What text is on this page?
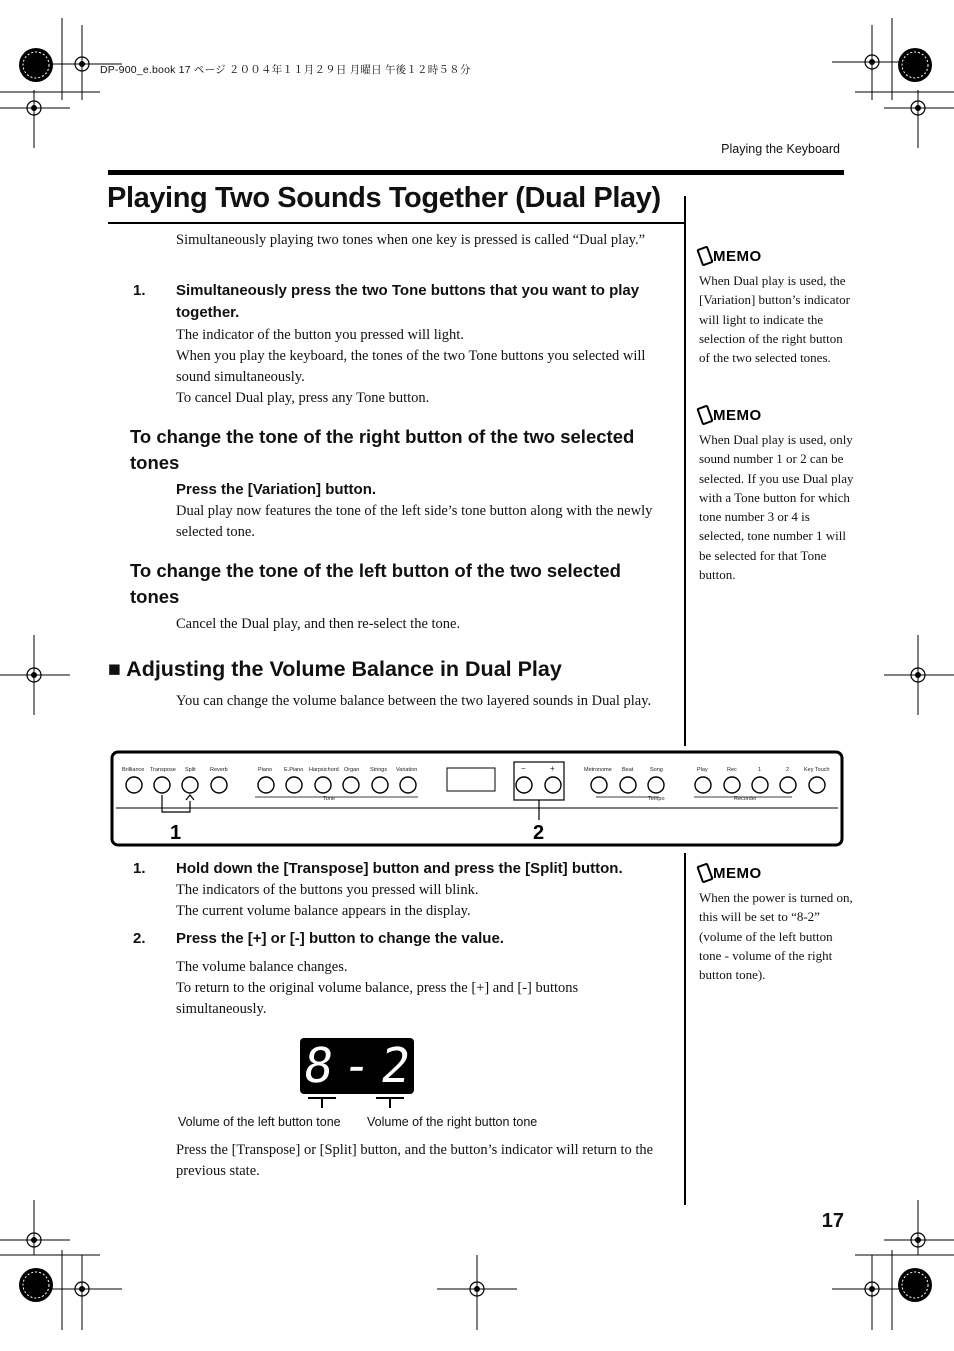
DP-900_e.book 17 ページ ２００４年１１月２９日 月曜日 午後１２時５８分
Playing the Keyboard
Playing Two Sounds Together (Dual Play)
Simultaneously playing two tones when one key is pressed is called “Dual play.”
1. Simultaneously press the two Tone buttons that you want to play together.
The indicator of the button you pressed will light.
When you play the keyboard, the tones of the two Tone buttons you selected will sound simultaneously.
To cancel Dual play, press any Tone button.
To change the tone of the right button of the two selected tones
Press the [Variation] button.
Dual play now features the tone of the left side’s tone button along with the newly selected tone.
To change the tone of the left button of the two selected tones
Cancel the Dual play, and then re-select the tone.
■ Adjusting the Volume Balance in Dual Play
You can change the volume balance between the two layered sounds in Dual play.
MEMO
When Dual play is used, the [Variation] button’s indicator will light to indicate the selection of the right button of the two selected tones.
MEMO
When Dual play is used, only sound number 1 or 2 can be selected. If you use Dual play with a Tone button for which tone number 3 or 4 is selected, tone number 1 will be selected for that Tone button.
MEMO
When the power is turned on, this will be set to “8-2” (volume of the left button tone - volume of the right button tone).
Tone	Tempo	Recorder
Brilliance Transpose Split	Reverb	Piano E.Piano Harpsichord Organ Strings Variation	−	+	Metronome Beat	Song	Play	Rec	1	2	Key Touch
1	2
1. Hold down the [Transpose] button and press the [Split] button.
The indicators of the buttons you pressed will blink.
The current volume balance appears in the display.
2. Press the [+] or [-] button to change the value.
The volume balance changes.
To return to the original volume balance, press the [+] and [-] buttons simultaneously.
8 - 2
Volume of the left button tone Volume of the right button tone
Press the [Transpose] or [Split] button, and the button’s indicator will return to the previous state.
17
